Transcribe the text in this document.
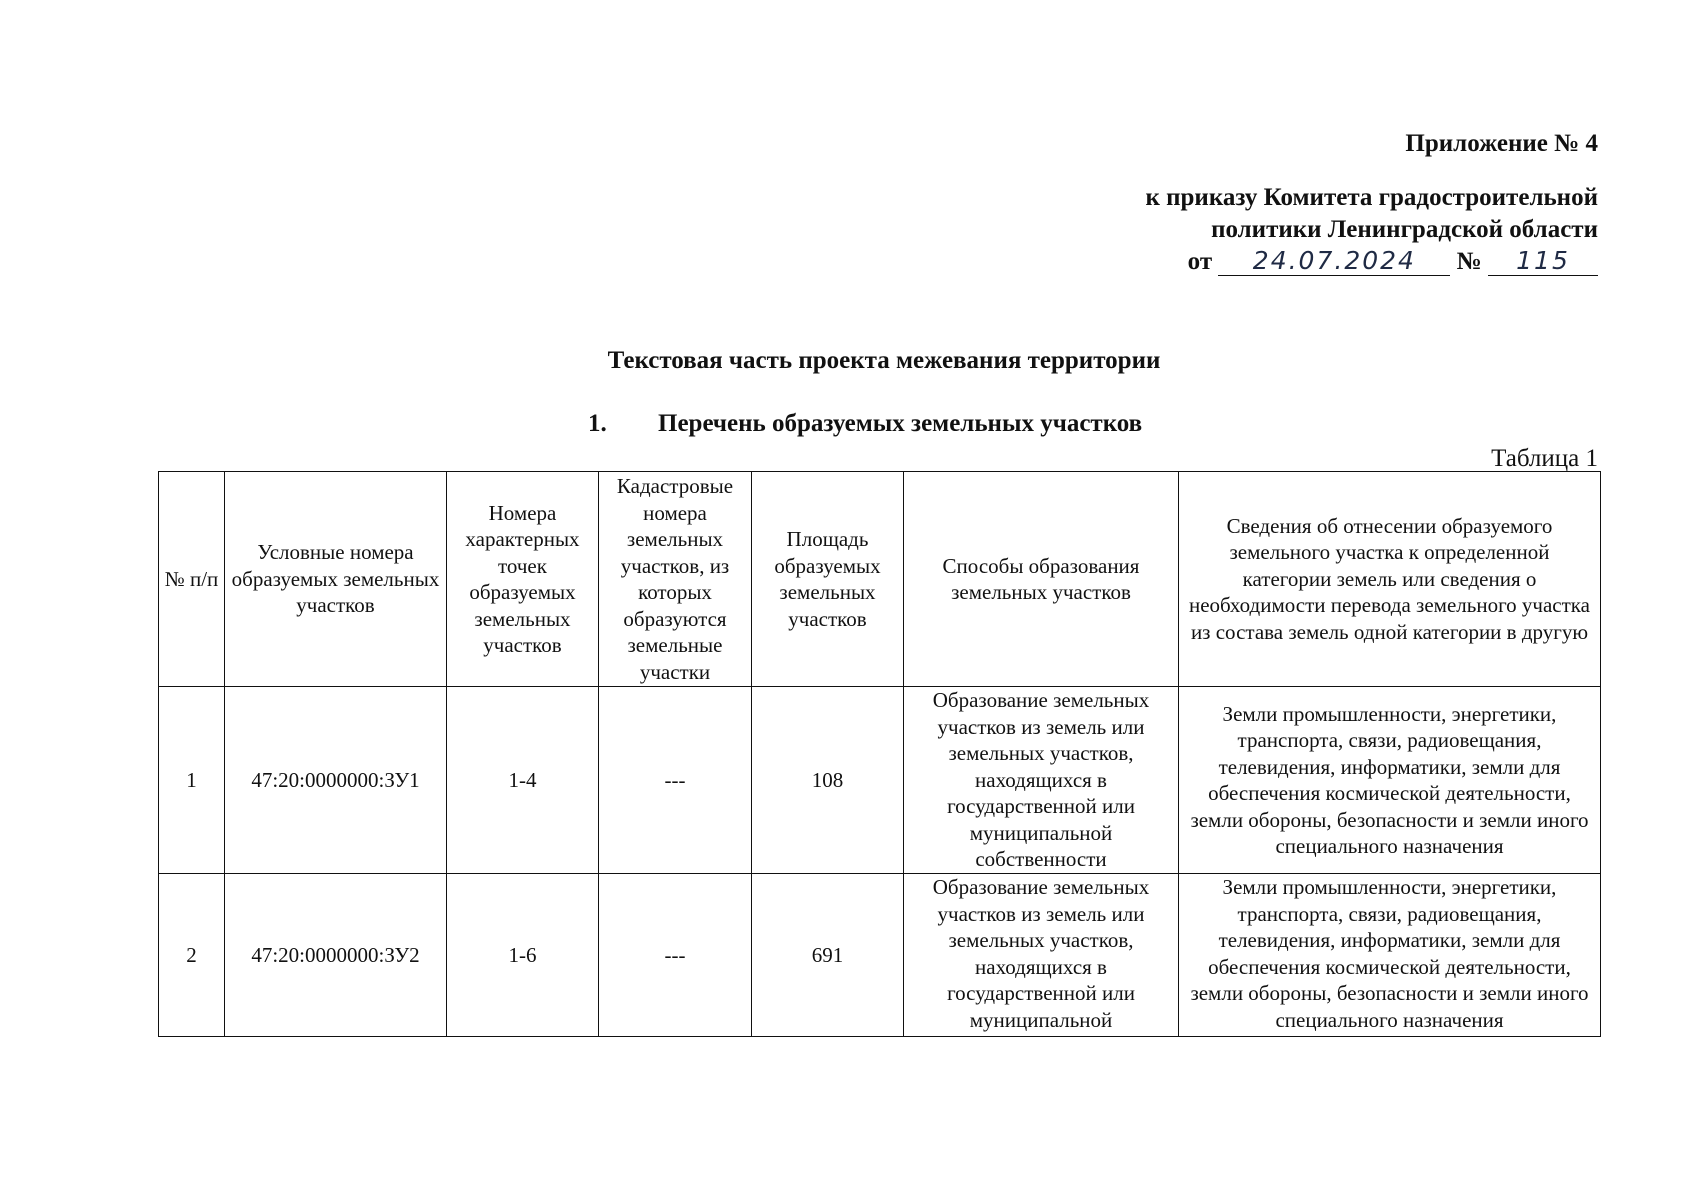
Приложение № 4
к приказу Комитета градостроительной
политики Ленинградской области
от 24.07.2024 № 115
Текстовая часть проекта межевания территории
1. Перечень образуемых земельных участков
Таблица 1
№ п/п	Условные номера образуемых земельных участков	Номера характерных точек образуемых земельных участков	Кадастровые номера земельных участков, из которых образуются земельные участки	Площадь образуемых земельных участков	Способы образования земельных участков	Сведения об отнесении образуемого земельного участка к определенной категории земель или сведения о необходимости перевода земельного участка из состава земель одной категории в другую
1	47:20:0000000:ЗУ1	1-4	---	108	Образование земельных участков из земель или земельных участков, находящихся в государственной или муниципальной собственности	Земли промышленности, энергетики, транспорта, связи, радиовещания, телевидения, информатики, земли для обеспечения космической деятельности, земли обороны, безопасности и земли иного специального назначения
2	47:20:0000000:ЗУ2	1-6	---	691	Образование земельных участков из земель или земельных участков, находящихся в государственной или муниципальной	Земли промышленности, энергетики, транспорта, связи, радиовещания, телевидения, информатики, земли для обеспечения космической деятельности, земли обороны, безопасности и земли иного специального назначения
